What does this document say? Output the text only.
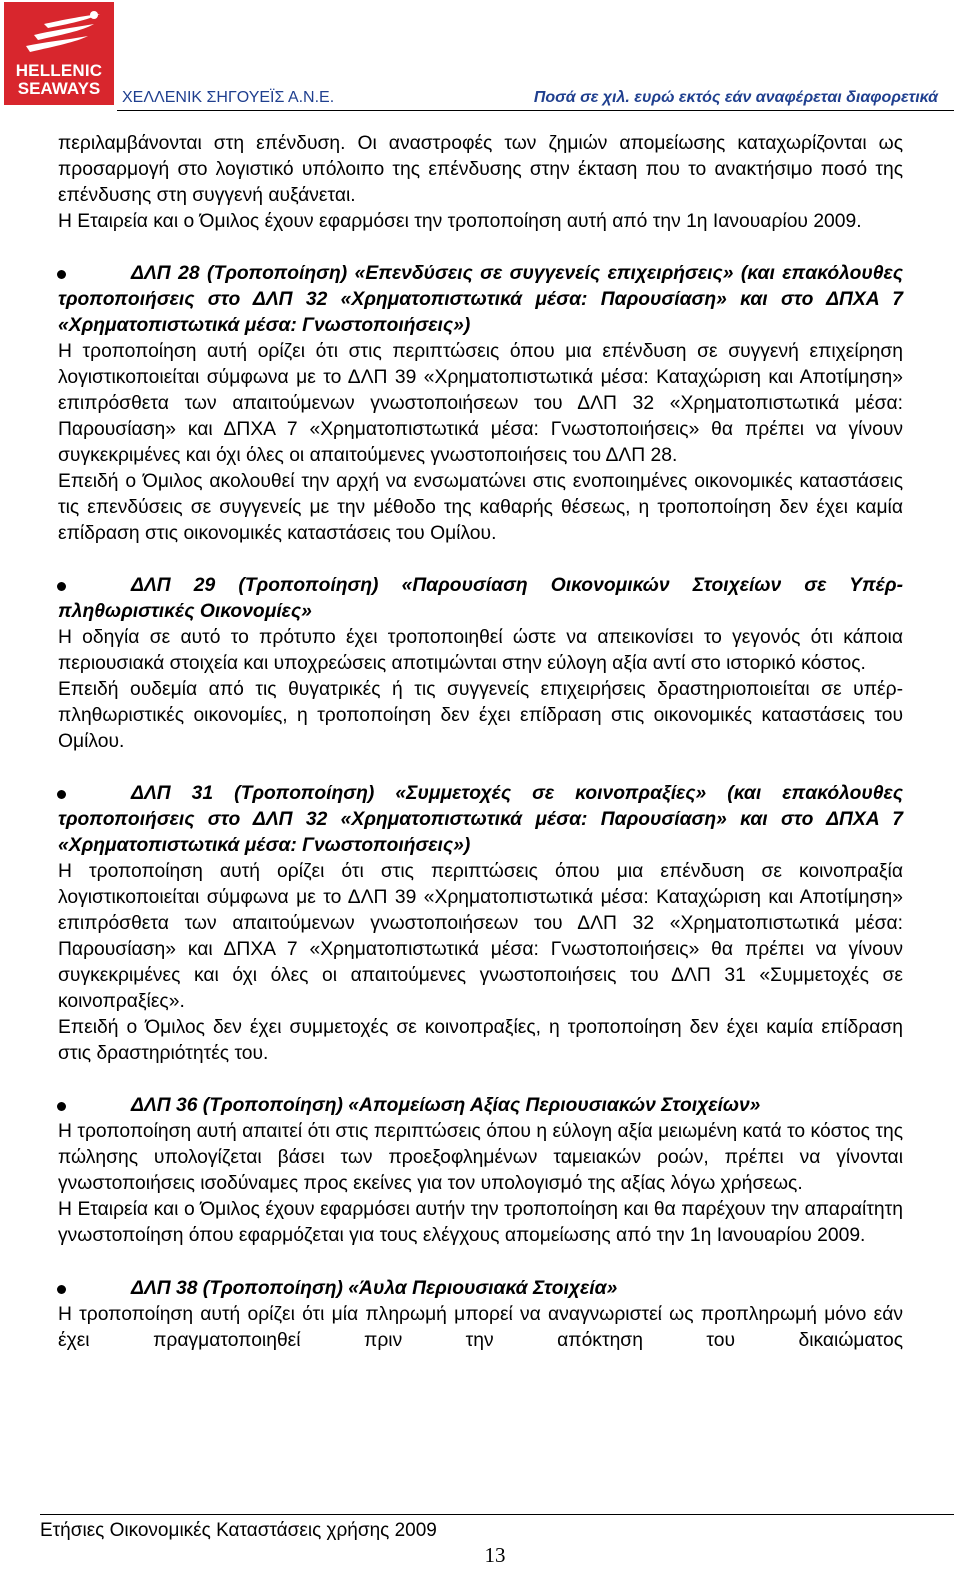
HELLENIC
SEAWAYS	ΧΕΛΛΕΝΙΚ ΣΗΓΟΥΕΪΣ Α.Ν.Ε.	Ποσά σε χιλ. ευρώ εκτός εάν αναφέρεται διαφορετικά

περιλαμβάνονται στη επένδυση. Οι αναστροφές των ζημιών απομείωσης καταχωρίζονται ως προσαρμογή στο λογιστικό υπόλοιπο της επένδυσης στην έκταση που το ανακτήσιμο ποσό της επένδυσης στη συγγενή αυξάνεται.

Η Εταιρεία και ο Όμιλος έχουν εφαρμόσει την τροποποίηση αυτή από την 1η Ιανουαρίου 2009.

ΔΛΠ 28 (Τροποποίηση) «Επενδύσεις σε συγγενείς επιχειρήσεις» (και επακόλουθες τροποποιήσεις στο ΔΛΠ 32 «Χρηματοπιστωτικά μέσα: Παρουσίαση» και στο ΔΠΧΑ 7 «Χρηματοπιστωτικά μέσα: Γνωστοποιήσεις»)

Η τροποποίηση αυτή ορίζει ότι στις περιπτώσεις όπου μια επένδυση σε συγγενή επιχείρηση λογιστικοποιείται σύμφωνα με το ΔΛΠ 39 «Χρηματοπιστωτικά μέσα: Καταχώριση και Αποτίμηση» επιπρόσθετα των απαιτούμενων γνωστοποιήσεων του ΔΛΠ 32 «Χρηματοπιστωτικά μέσα: Παρουσίαση» και ΔΠΧΑ 7 «Χρηματοπιστωτικά μέσα: Γνωστοποιήσεις» θα πρέπει να γίνουν συγκεκριμένες και όχι όλες οι απαιτούμενες γνωστοποιήσεις του ΔΛΠ 28.

Επειδή ο Όμιλος ακολουθεί την αρχή να ενσωματώνει στις ενοποιημένες οικονομικές καταστάσεις τις επενδύσεις σε συγγενείς με την μέθοδο της καθαρής θέσεως, η τροποποίηση δεν έχει καμία επίδραση στις οικονομικές καταστάσεις του Ομίλου.

ΔΛΠ 29 (Τροποποίηση) «Παρουσίαση Οικονομικών Στοιχείων σε Υπέρ-πληθωριστικές Οικονομίες»

Η οδηγία σε αυτό το πρότυπο έχει τροποποιηθεί ώστε να απεικονίσει το γεγονός ότι κάποια περιουσιακά στοιχεία και υποχρεώσεις αποτιμώνται στην εύλογη αξία αντί στο ιστορικό κόστος.

Επειδή ουδεμία από τις θυγατρικές ή τις συγγενείς επιχειρήσεις δραστηριοποιείται σε υπέρ-πληθωριστικές οικονομίες, η τροποποίηση δεν έχει επίδραση στις οικονομικές καταστάσεις του Ομίλου.

ΔΛΠ 31 (Τροποποίηση) «Συμμετοχές σε κοινοπραξίες» (και επακόλουθες τροποποιήσεις στο ΔΛΠ 32 «Χρηματοπιστωτικά μέσα: Παρουσίαση» και στο ΔΠΧΑ 7 «Χρηματοπιστωτικά μέσα: Γνωστοποιήσεις»)

Η τροποποίηση αυτή ορίζει ότι στις περιπτώσεις όπου μια επένδυση σε κοινοπραξία λογιστικοποιείται σύμφωνα με το ΔΛΠ 39 «Χρηματοπιστωτικά μέσα: Καταχώριση και Αποτίμηση» επιπρόσθετα των απαιτούμενων γνωστοποιήσεων του ΔΛΠ 32 «Χρηματοπιστωτικά μέσα: Παρουσίαση» και ΔΠΧΑ 7 «Χρηματοπιστωτικά μέσα: Γνωστοποιήσεις» θα πρέπει να γίνουν συγκεκριμένες και όχι όλες οι απαιτούμενες γνωστοποιήσεις του ΔΛΠ 31 «Συμμετοχές σε κοινοπραξίες».

Επειδή ο Όμιλος δεν έχει συμμετοχές σε κοινοπραξίες, η τροποποίηση δεν έχει καμία επίδραση στις δραστηριότητές του.

ΔΛΠ 36 (Τροποποίηση) «Απομείωση Αξίας Περιουσιακών Στοιχείων»

Η τροποποίηση αυτή απαιτεί ότι στις περιπτώσεις όπου η εύλογη αξία μειωμένη κατά το κόστος της πώλησης υπολογίζεται βάσει των προεξοφλημένων ταμειακών ροών, πρέπει να γίνονται γνωστοποιήσεις ισοδύναμες προς εκείνες για τον υπολογισμό της αξίας λόγω χρήσεως.

Η Εταιρεία και ο Όμιλος έχουν εφαρμόσει αυτήν την τροποποίηση και θα παρέχουν την απαραίτητη γνωστοποίηση όπου εφαρμόζεται για τους ελέγχους απομείωσης από την 1η Ιανουαρίου 2009.

ΔΛΠ 38 (Τροποποίηση) «Άυλα Περιουσιακά Στοιχεία»

Η τροποποίηση αυτή ορίζει ότι μία πληρωμή μπορεί να αναγνωριστεί ως προπληρωμή μόνο εάν έχει πραγματοποιηθεί πριν την απόκτηση του δικαιώματος

Ετήσιες Οικονομικές Καταστάσεις χρήσης 2009
13
